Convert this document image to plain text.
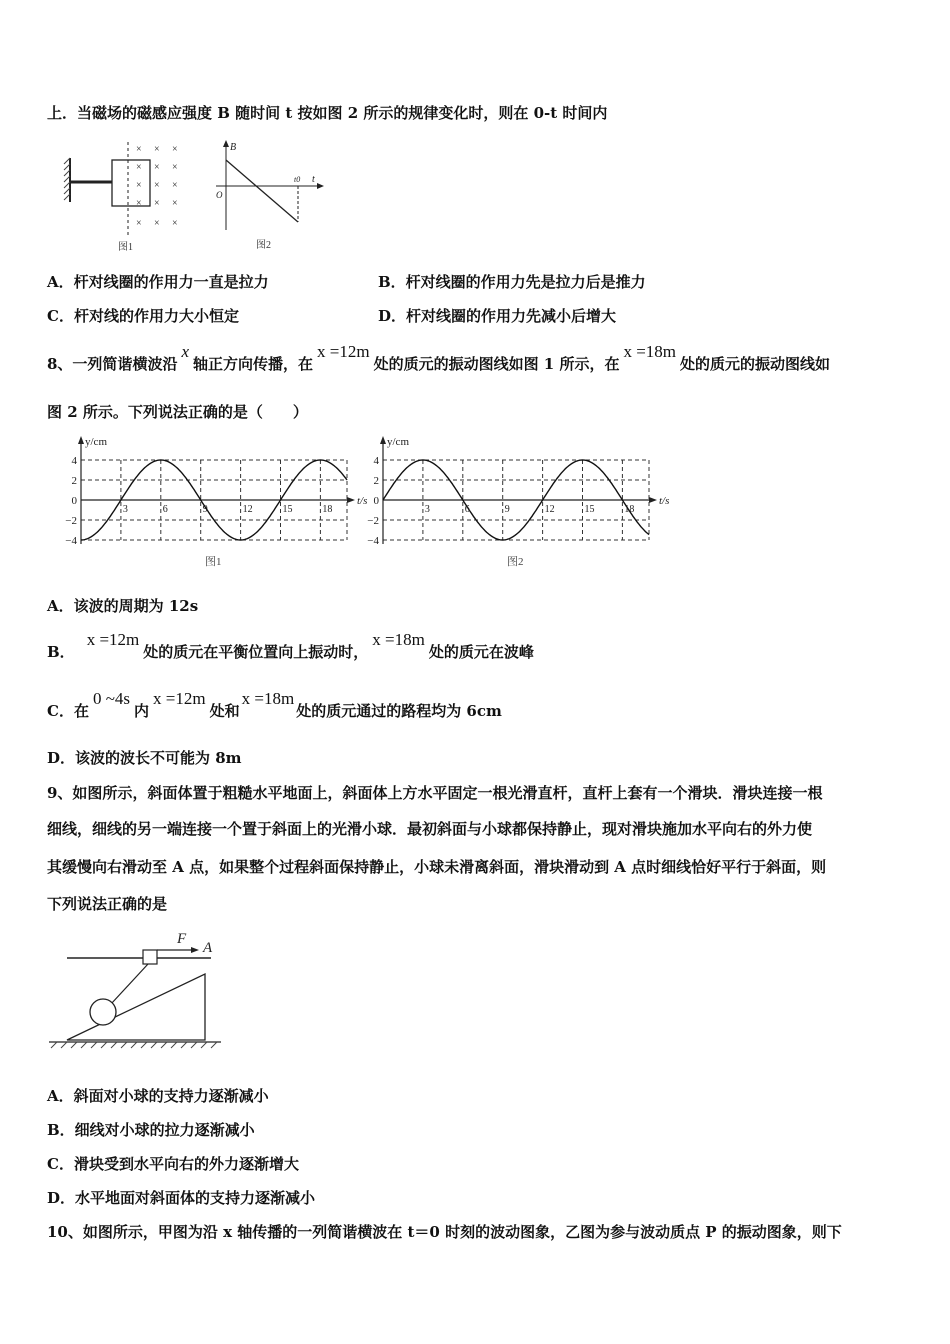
上．当磁场的磁感应强度 B 随时间 t 按如图 2 所示的规律变化时，则在 0-t 时间内
× × ×
× × ×
× × ×
× × ×
× × ×
图1
B
t
O
t0
图2
A．杆对线圈的作用力一直是拉力	B．杆对线圈的作用力先是拉力后是推力
C．杆对线的作用力大小恒定	D．杆对线圈的作用力先减小后增大
8、一列简谐横波沿x轴正方向传播，在x =12m处的质元的振动图线如图 1 所示，在x =18m处的质元的振动图线如
图 2 所示。下列说法正确的是（　　）
y/cm
t/s
4
2
0
−2
−4
3	6	9	12	15	18
图1
y/cm
t/s
4
2
0
−2
−4
3	6	9	12	15	18
图2
A．该波的周期为 12s
B．x =12m处的质元在平衡位置向上振动时，x =18m处的质元在波峰
C．在0 ~4s内x =12m处和x =18m处的质元通过的路程均为 6cm
D．该波的波长不可能为 8m
9、如图所示，斜面体置于粗糙水平地面上，斜面体上方水平固定一根光滑直杆，直杆上套有一个滑块．滑块连接一根
细线，细线的另一端连接一个置于斜面上的光滑小球．最初斜面与小球都保持静止，现对滑块施加水平向右的外力使
其缓慢向右滑动至 A 点，如果整个过程斜面保持静止，小球未滑离斜面，滑块滑动到 A 点时细线恰好平行于斜面，则
下列说法正确的是
F
A
A．斜面对小球的支持力逐渐减小
B．细线对小球的拉力逐渐减小
C．滑块受到水平向右的外力逐渐增大
D．水平地面对斜面体的支持力逐渐减小
10、如图所示，甲图为沿 x 轴传播的一列简谐横波在 t＝0 时刻的波动图象，乙图为参与波动质点 P 的振动图象，则下
